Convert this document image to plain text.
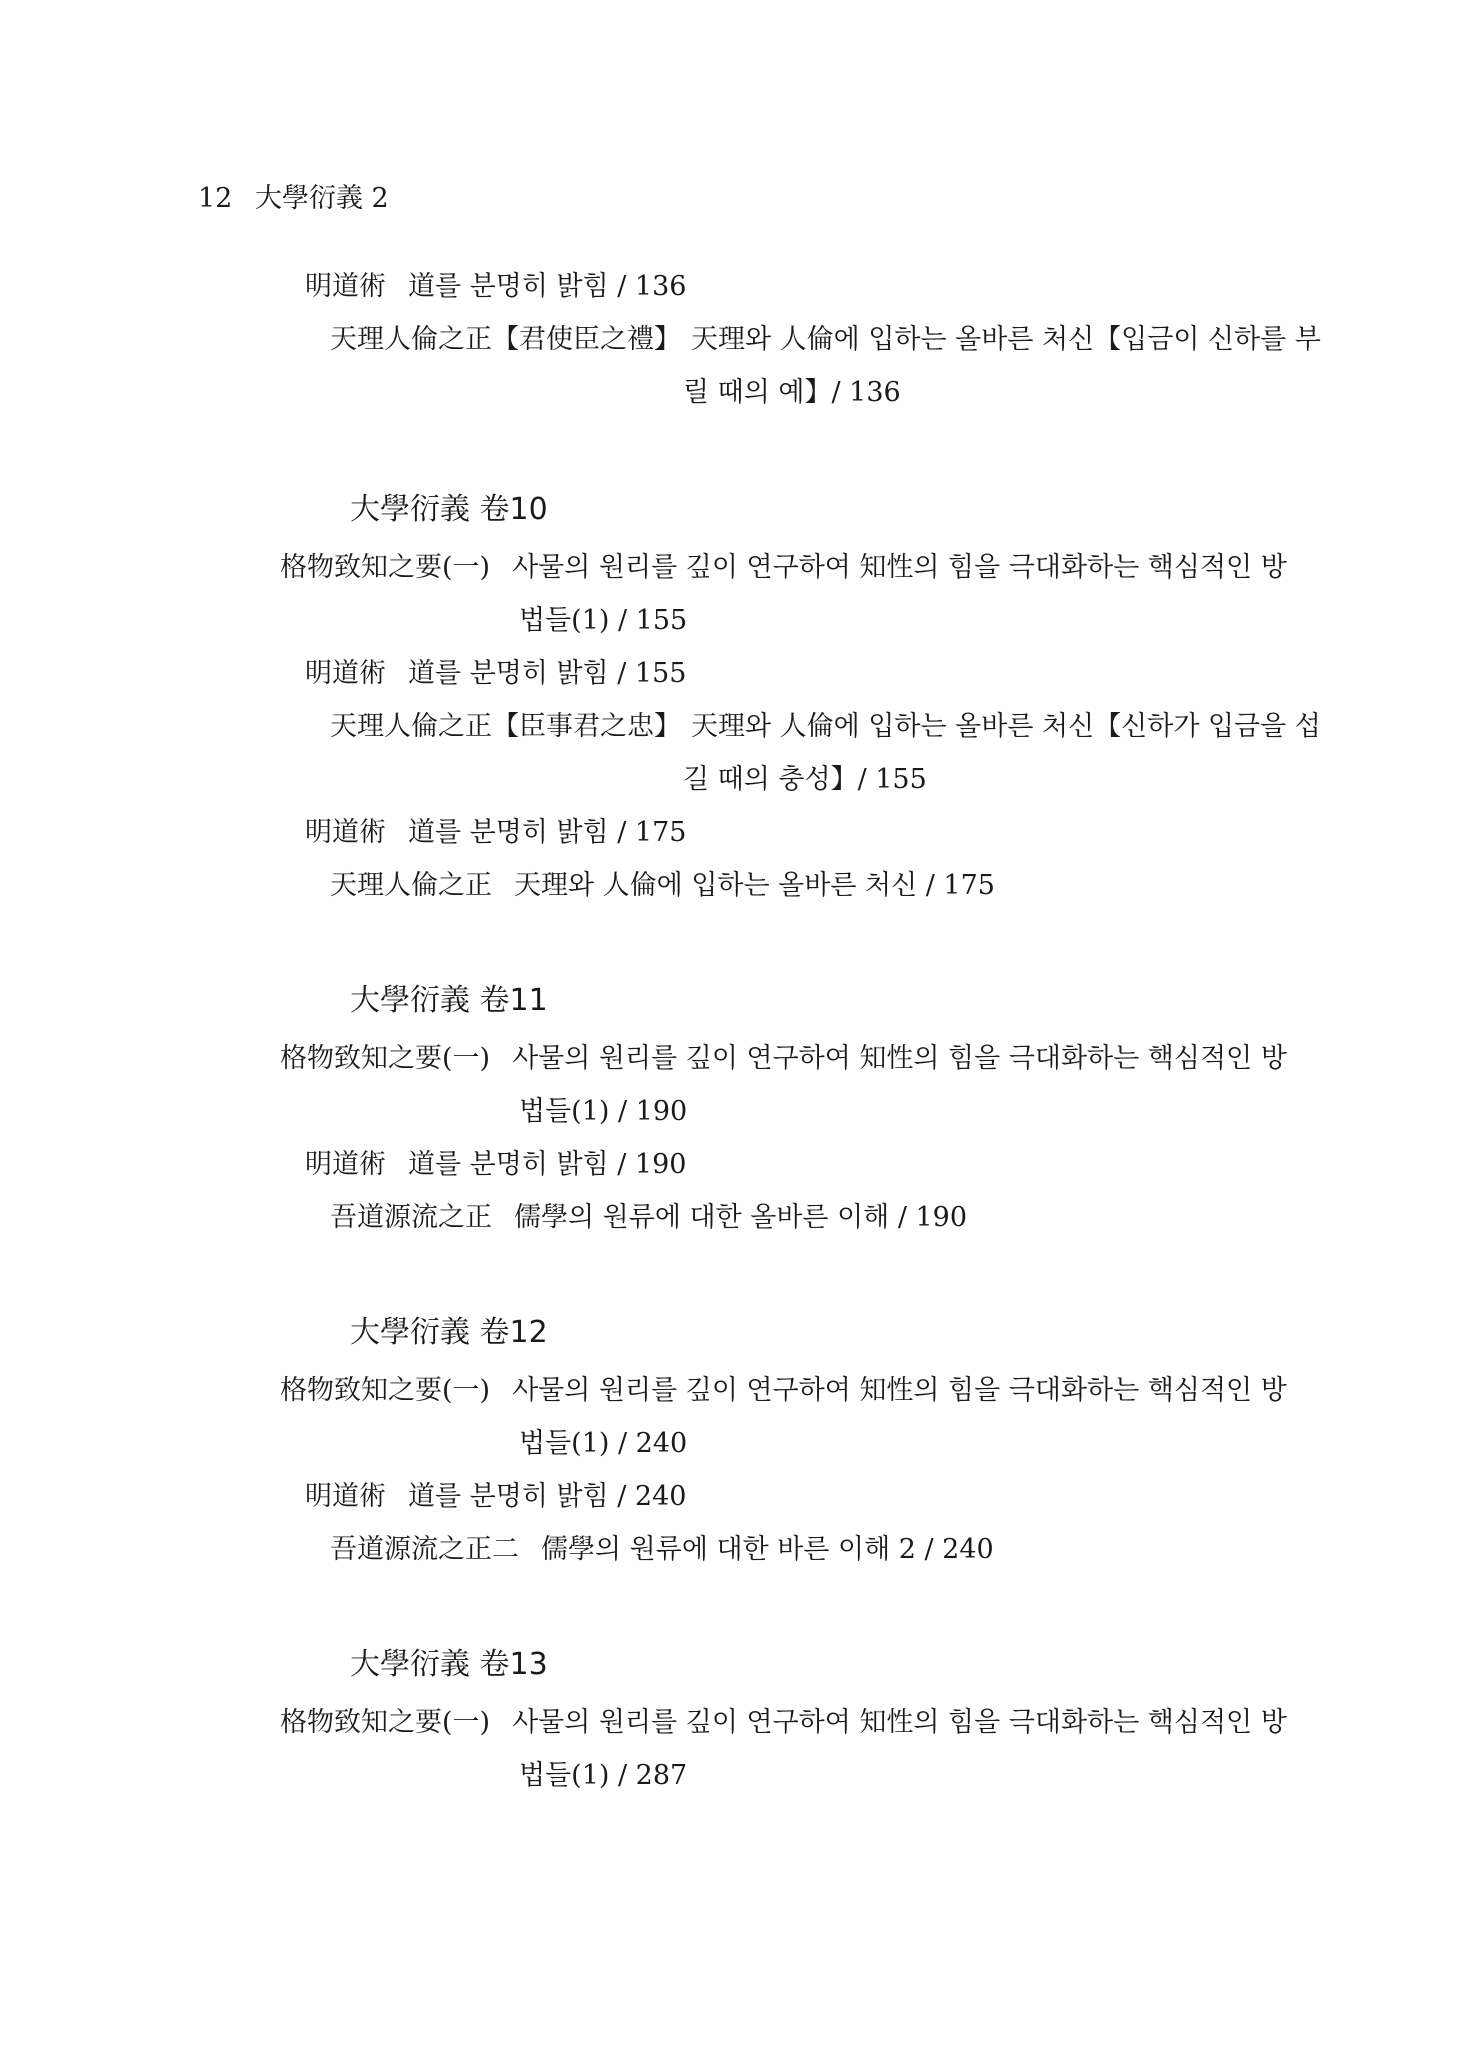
12 大學衍義 2
明道術 道를 분명히 밝힘 / 136
天理人倫之正【君使臣之禮】 天理와 人倫에 입하는 올바른 처신【입금이 신하를 부
릴 때의 예】/ 136
大學衍義 卷10
格物致知之要(一) 사물의 원리를 깊이 연구하여 知性의 힘을 극대화하는 핵심적인 방
법들(1) / 155
明道術 道를 분명히 밝힘 / 155
天理人倫之正【臣事君之忠】 天理와 人倫에 입하는 올바른 처신【신하가 입금을 섭
길 때의 충성】/ 155
明道術 道를 분명히 밝힘 / 175
天理人倫之正 天理와 人倫에 입하는 올바른 처신 / 175
大學衍義 卷11
格物致知之要(一) 사물의 원리를 깊이 연구하여 知性의 힘을 극대화하는 핵심적인 방
법들(1) / 190
明道術 道를 분명히 밝힘 / 190
吾道源流之正 儒學의 원류에 대한 올바른 이해 / 190
大學衍義 卷12
格物致知之要(一) 사물의 원리를 깊이 연구하여 知性의 힘을 극대화하는 핵심적인 방
법들(1) / 240
明道術 道를 분명히 밝힘 / 240
吾道源流之正二 儒學의 원류에 대한 바른 이해 2 / 240
大學衍義 卷13
格物致知之要(一) 사물의 원리를 깊이 연구하여 知性의 힘을 극대화하는 핵심적인 방
법들(1) / 287
